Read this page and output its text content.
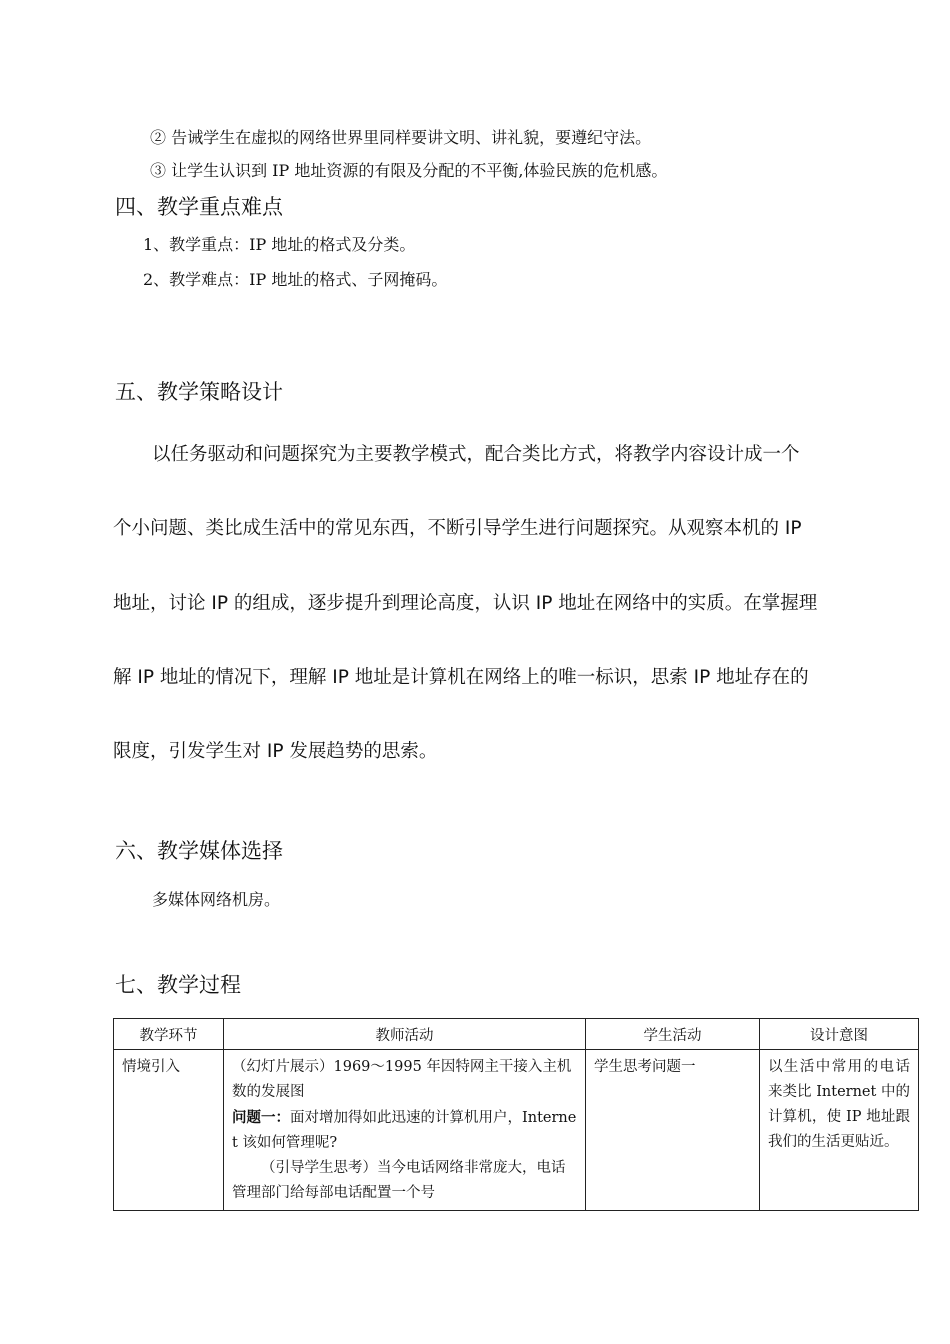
② 告诫学生在虚拟的网络世界里同样要讲文明、讲礼貌，要遵纪守法。
③ 让学生认识到 IP 地址资源的有限及分配的不平衡,体验民族的危机感。
四、教学重点难点
1、教学重点：IP 地址的格式及分类。
2、教学难点：IP 地址的格式、子网掩码。
五、教学策略设计
以任务驱动和问题探究为主要教学模式，配合类比方式，将教学内容设计成一个
个小问题、类比成生活中的常见东西，不断引导学生进行问题探究。从观察本机的 IP
地址，讨论 IP 的组成，逐步提升到理论高度，认识 IP 地址在网络中的实质。在掌握理
解 IP 地址的情况下，理解 IP 地址是计算机在网络上的唯一标识，思索 IP 地址存在的
限度，引发学生对 IP 发展趋势的思索。
六、教学媒体选择
多媒体网络机房。
七、教学过程
教学环节	教师活动	学生活动	设计意图
情境引入	（幻灯片展示）1969～1995 年因特网主干接入主机数的发展图
问题一：面对增加得如此迅速的计算机用户，Internet 该如何管理呢?
（引导学生思考）当今电话网络非常庞大，电话管理部门给每部电话配置一个号	学生思考问题一	以生活中常用的电话来类比 Internet 中的计算机，使 IP 地址跟我们的生活更贴近。
